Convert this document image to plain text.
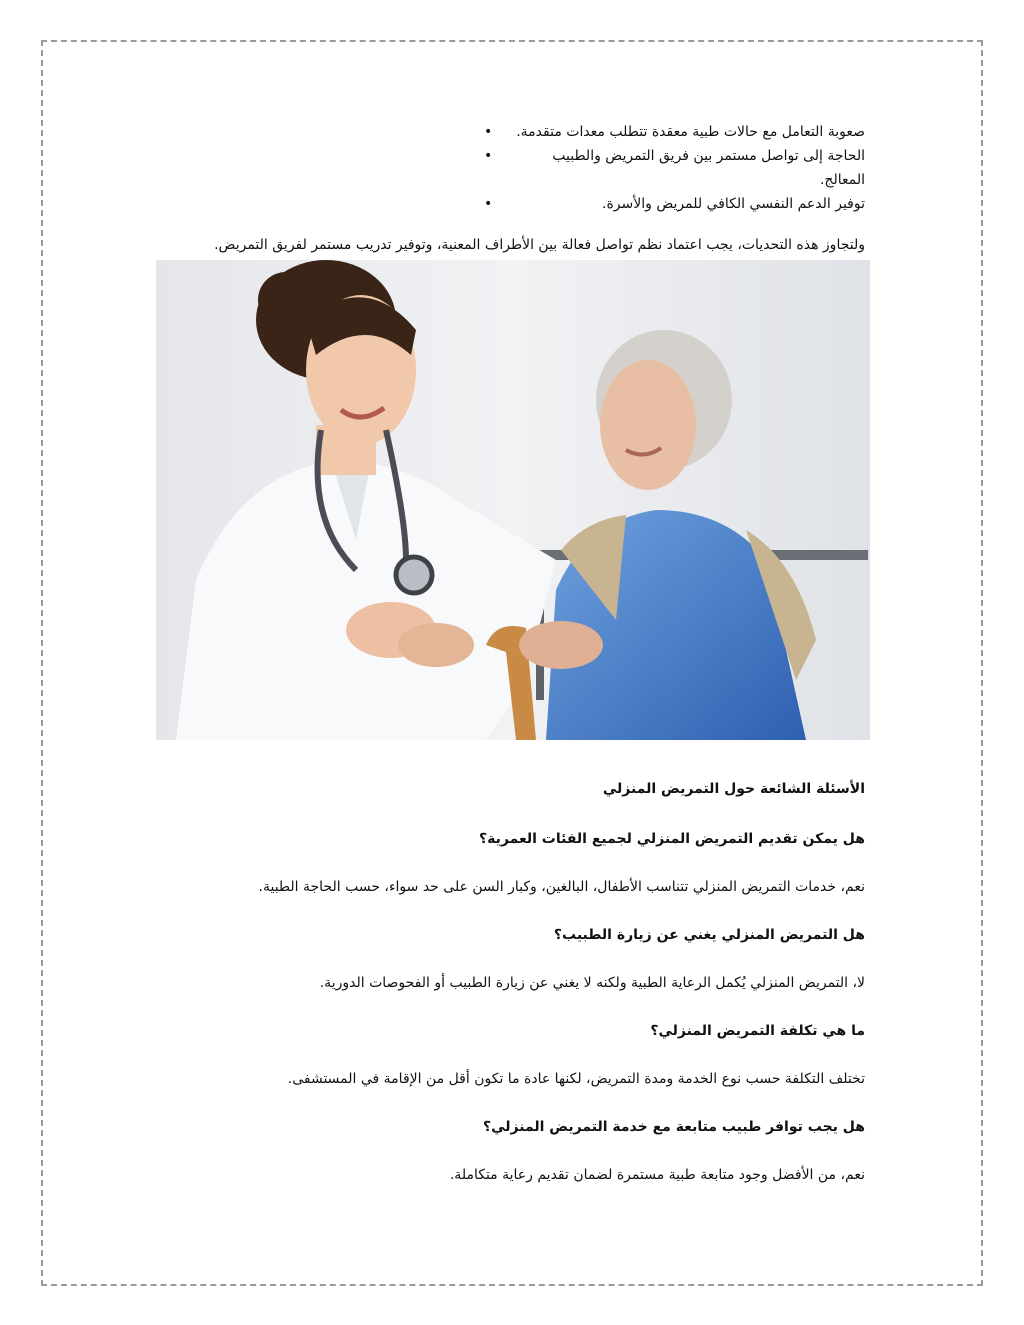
صعوبة التعامل مع حالات طبية معقدة تتطلب معدات متقدمة. •
الحاجة إلى تواصل مستمر بين فريق التمريض والطبيب المعالج. •
توفير الدعم النفسي الكافي للمريض والأسرة. •

ولتجاوز هذه التحديات، يجب اعتماد نظم تواصل فعالة بين الأطراف المعنية، وتوفير تدريب مستمر لفريق التمريض.

الأسئلة الشائعة حول التمريض المنزلي
هل يمكن تقديم التمريض المنزلي لجميع الفئات العمرية؟

نعم، خدمات التمريض المنزلي تتناسب الأطفال، البالغين، وكبار السن على حد سواء، حسب الحاجة الطبية.

هل التمريض المنزلي يغني عن زيارة الطبيب؟

لا، التمريض المنزلي يُكمل الرعاية الطبية ولكنه لا يغني عن زيارة الطبيب أو الفحوصات الدورية.

ما هي تكلفة التمريض المنزلي؟

تختلف التكلفة حسب نوع الخدمة ومدة التمريض، لكنها عادة ما تكون أقل من الإقامة في المستشفى.

هل يجب توافر طبيب متابعة مع خدمة التمريض المنزلي؟

نعم، من الأفضل وجود متابعة طبية مستمرة لضمان تقديم رعاية متكاملة.
